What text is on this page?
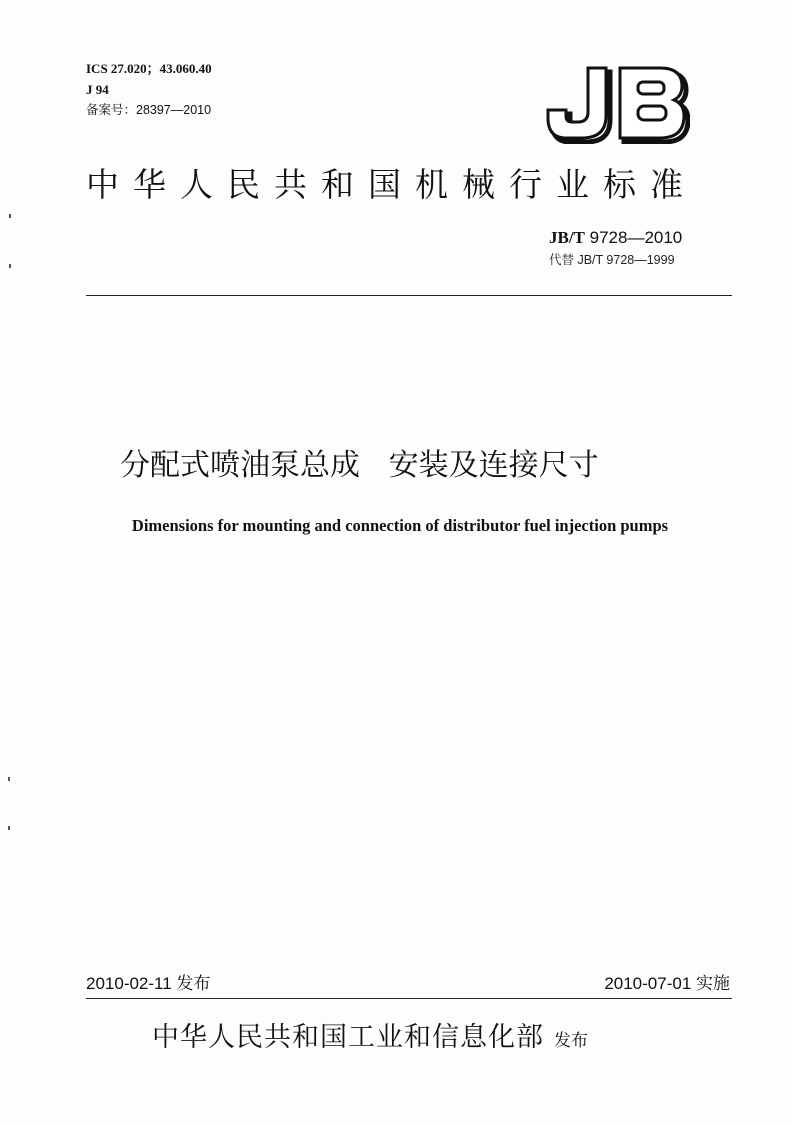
ICS 27.020；43.060.40
J 94
备案号：28397—2010
中华人民共和国机械行业标准
JB/T 9728—2010
代替 JB/T 9728—1999
分配式喷油泵总成   安装及连接尺寸
Dimensions for mounting and connection of distributor fuel injection pumps
2010-02-11 发布	2010-07-01 实施
中华人民共和国工业和信息化部 发布
